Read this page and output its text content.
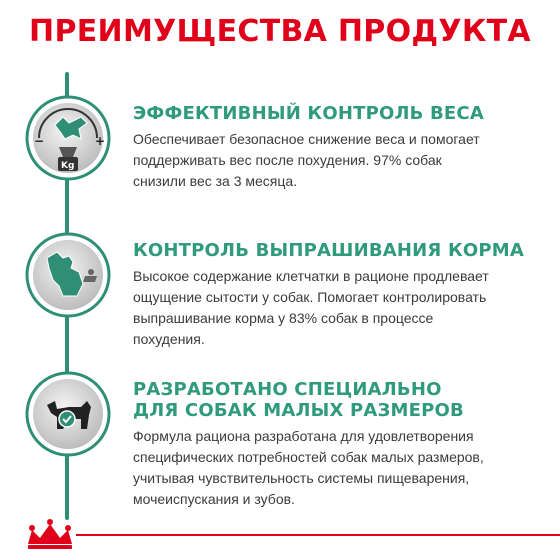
ПРЕИМУЩЕСТВА ПРОДУКТА
−	+
Kg
ЭФФЕКТИВНЫЙ КОНТРОЛЬ ВЕСА
Обеспечивает безопасное снижение веса и помогает
поддерживать вес после похудения. 97% собак
снизили вес за 3 месяца.
КОНТРОЛЬ ВЫПРАШИВАНИЯ КОРМА
Высокое содержание клетчатки в рационе продлевает
ощущение сытости у собак. Помогает контролировать
выпрашивание корма у 83% собак в процессе
похудения.
РАЗРАБОТАНО СПЕЦИАЛЬНО
ДЛЯ СОБАК МАЛЫХ РАЗМЕРОВ
Формула рациона разработана для удовлетворения
специфических потребностей собак малых размеров,
учитывая чувствительность системы пищеварения,
мочеиспускания и зубов.
